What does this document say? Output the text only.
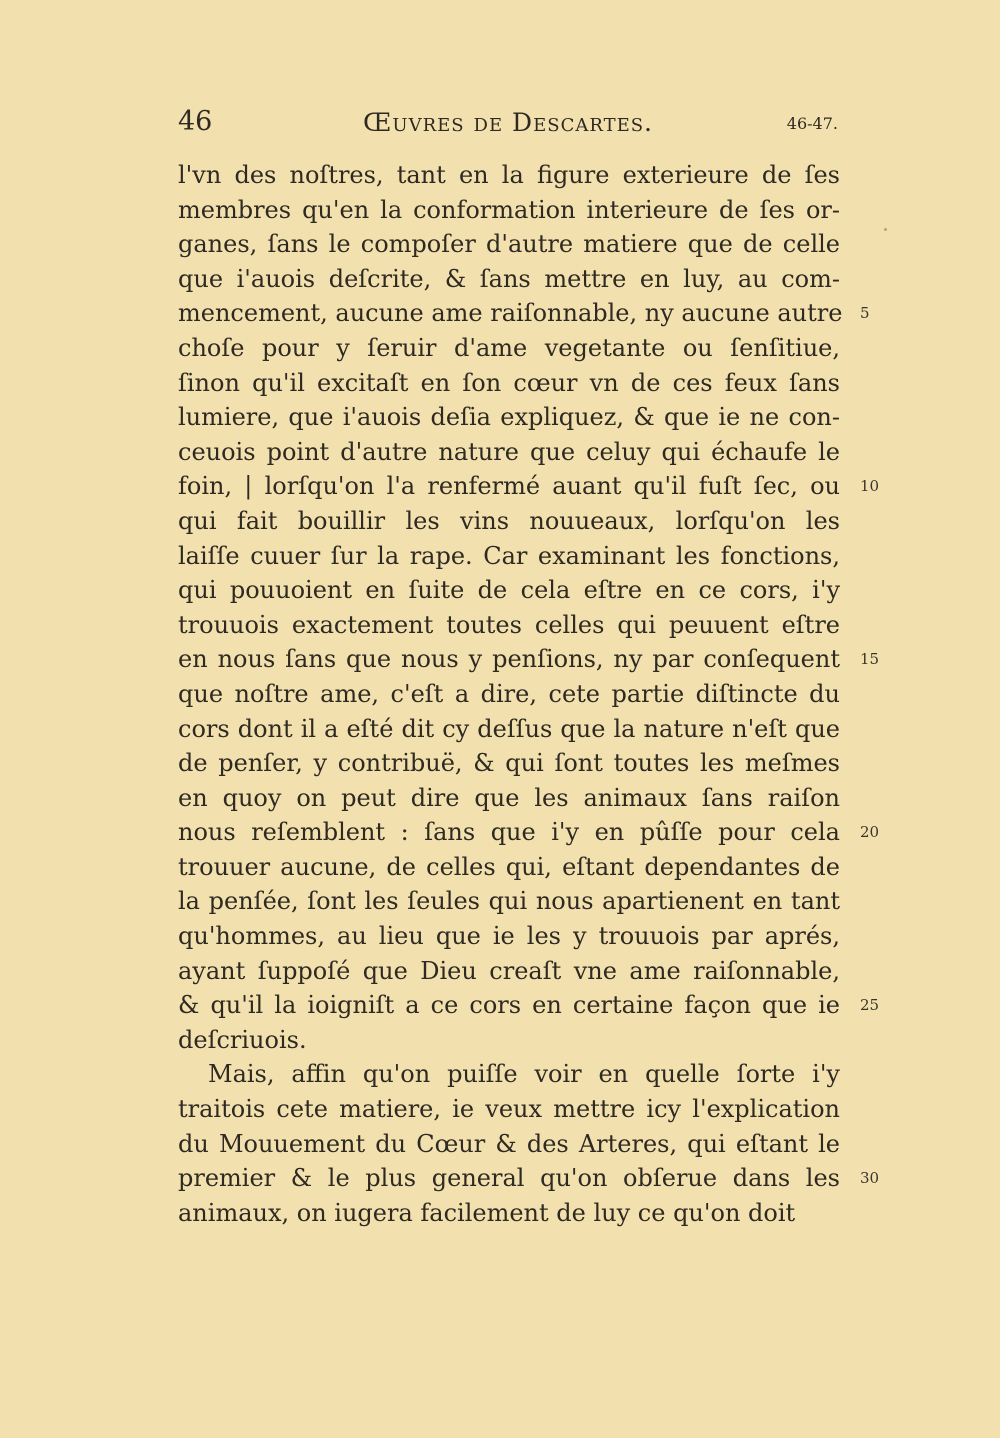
46	Œuvres de Descartes.	46-47.
l'vn des noſtres, tant en la figure exterieure de ſes
membres qu'en la conformation interieure de ſes or-
ganes, ſans le compoſer d'autre matiere que de celle
que i'auois deſcrite, & ſans mettre en luy, au com-
mencement, aucune ame raiſonnable, ny aucune autre
choſe pour y ſeruir d'ame vegetante ou ſenſitiue,
ſinon qu'il excitaſt en ſon cœur vn de ces feux ſans
lumiere, que i'auois deſia expliquez, & que ie ne con-
ceuois point d'autre nature que celuy qui échaufe le
foin, | lorſqu'on l'a renfermé auant qu'il fuſt ſec, ou
qui fait bouillir les vins nouueaux, lorſqu'on les
laiſſe cuuer ſur la rape. Car examinant les fonctions,
qui pouuoient en ſuite de cela eſtre en ce cors, i'y
trouuois exactement toutes celles qui peuuent eſtre
en nous ſans que nous y penſions, ny par conſequent
que noſtre ame, c'eſt a dire, cete partie diſtincte du
cors dont il a eſté dit cy deſſus que la nature n'eſt que
de penſer, y contribuë, & qui ſont toutes les meſmes
en quoy on peut dire que les animaux ſans raiſon
nous reſemblent : ſans que i'y en pûſſe pour cela
trouuer aucune, de celles qui, eſtant dependantes de
la penſée, ſont les ſeules qui nous apartienent en tant
qu'hommes, au lieu que ie les y trouuois par aprés,
ayant ſuppoſé que Dieu creaſt vne ame raiſonnable,
& qu'il la ioigniſt a ce cors en certaine façon que ie
deſcriuois.
Mais, affin qu'on puiſſe voir en quelle ſorte i'y
traitois cete matiere, ie veux mettre icy l'explication
du Mouuement du Cœur & des Arteres, qui eſtant le
premier & le plus general qu'on obſerue dans les
animaux, on iugera facilement de luy ce qu'on doit
5
10
15
20
25
30
